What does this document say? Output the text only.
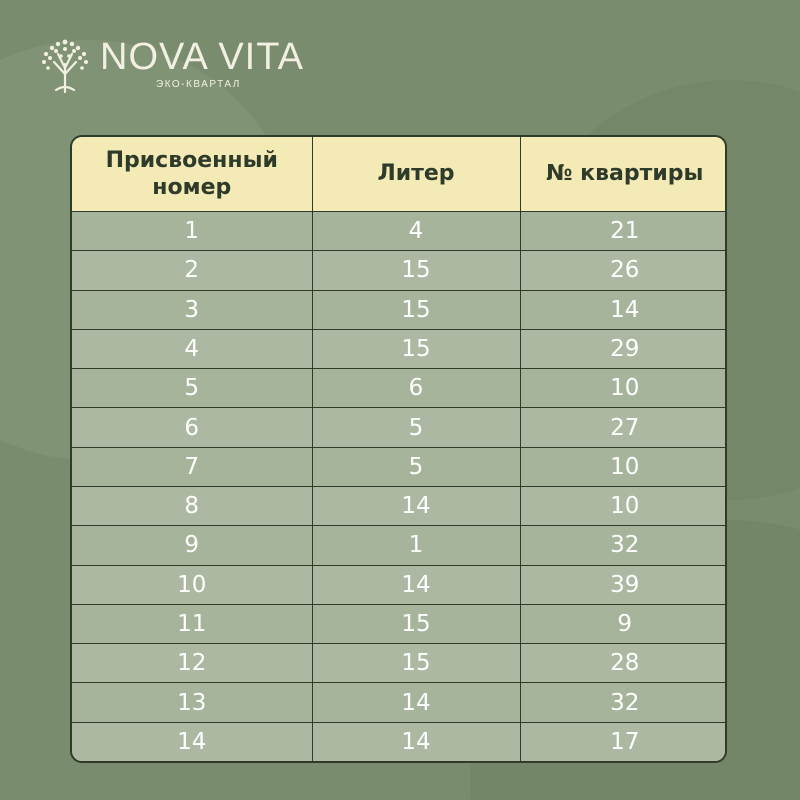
NOVA VITA
ЭКО-КВАРТАЛ
Присвоенный номер	Литер	№ квартиры
1	4	21
2	15	26
3	15	14
4	15	29
5	6	10
6	5	27
7	5	10
8	14	10
9	1	32
10	14	39
11	15	9
12	15	28
13	14	32
14	14	17
